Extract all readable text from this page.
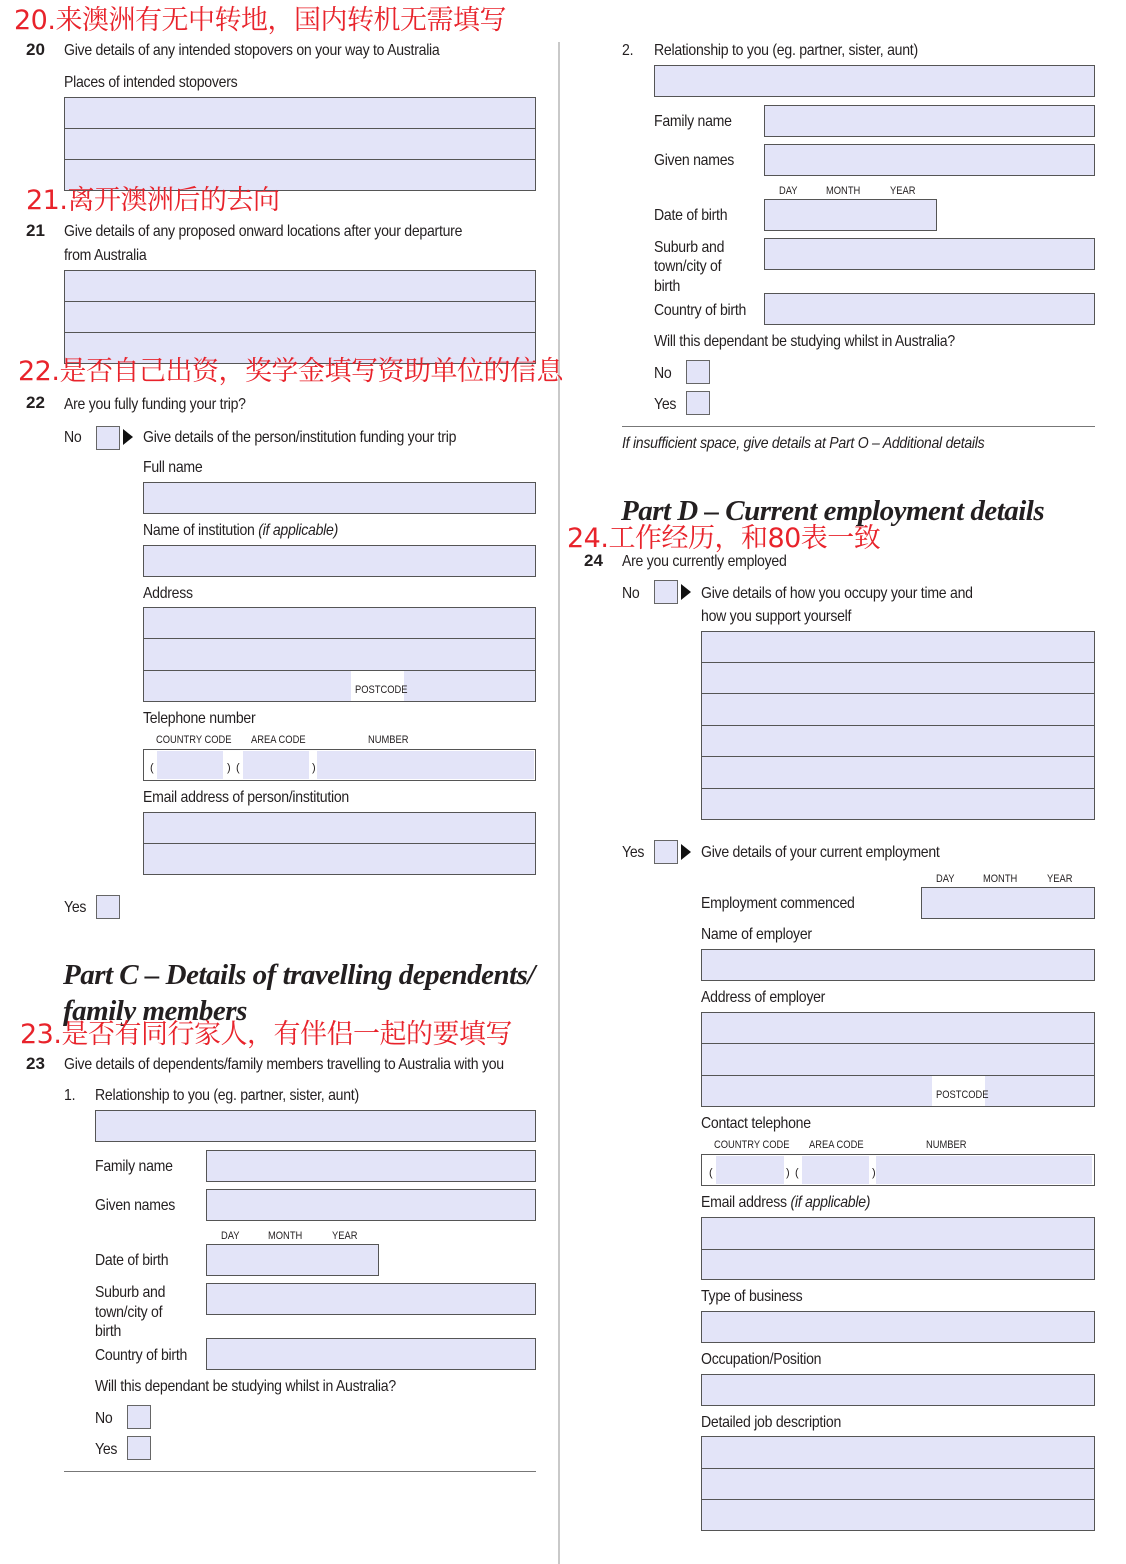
20.来澳洲有无中转地，国内转机无需填写
20 Give details of any intended stopovers on your way to Australia
Places of intended stopovers
21.离开澳洲后的去向
21 Give details of any proposed onward locations after your departure
from Australia
22.是否自己出资，奖学金填写资助单位的信息
22 Are you fully funding your trip?
No	Give details of the person/institution funding your trip
Full name
Name of institution (if applicable)
Address
POSTCODE
Telephone number
COUNTRY CODE AREA CODE	NUMBER
(	) (	)
Email address of person/institution
Yes
Part C – Details of travelling dependents/
family members
23.是否有同行家人，有伴侣一起的要填写
23 Give details of dependents/family members travelling to Australia with you
1. Relationship to you (eg. partner, sister, aunt)
Family name
Given names
DAY	MONTH	YEAR
Date of birth
Suburb and
town/city of
birth
Country of birth
Will this dependant be studying whilst in Australia?
No
Yes
2. Relationship to you (eg. partner, sister, aunt)
Family name
Given names
DAY	MONTH	YEAR
Date of birth
Suburb and
town/city of
birth
Country of birth
Will this dependant be studying whilst in Australia?
No
Yes
If insufficient space, give details at Part O – Additional details
Part D – Current employment details
24.工作经历，和80表一致
24 Are you currently employed
No	Give details of how you occupy your time and
how you support yourself
Yes	Give details of your current employment
DAY	MONTH	YEAR
Employment commenced
Name of employer
Address of employer
POSTCODE
Contact telephone
COUNTRY CODE AREA CODE	NUMBER
(	) (	)
Email address (if applicable)
Type of business
Occupation/Position
Detailed job description
